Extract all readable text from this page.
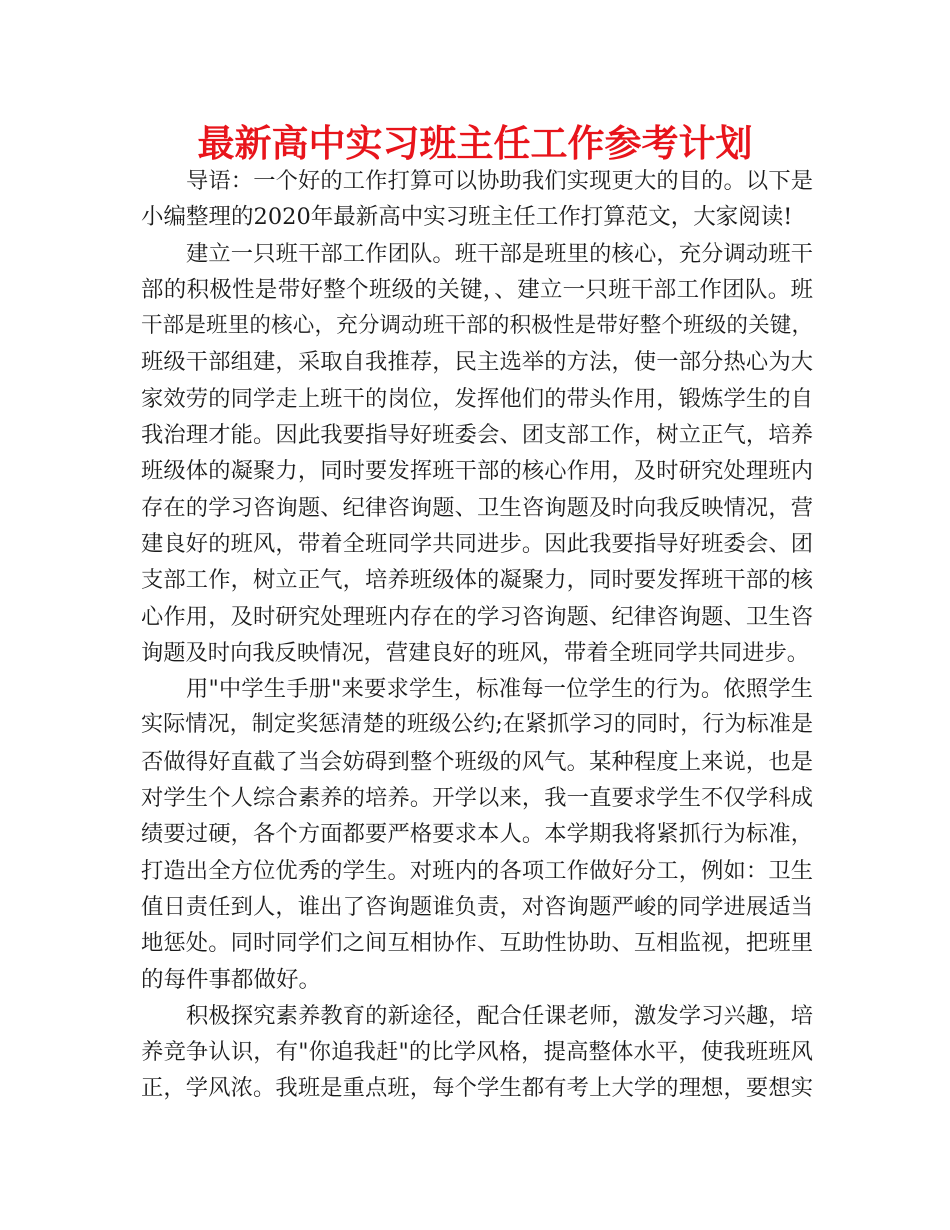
最新高中实习班主任工作参考计划
导语：一个好的工作打算可以协助我们实现更大的目的。以下是
小编整理的2020年最新高中实习班主任工作打算范文，大家阅读!
建立一只班干部工作团队。班干部是班里的核心，充分调动班干
部的积极性是带好整个班级的关键，、建立一只班干部工作团队。班
干部是班里的核心，充分调动班干部的积极性是带好整个班级的关键，
班级干部组建，采取自我推荐，民主选举的方法，使一部分热心为大
家效劳的同学走上班干的岗位，发挥他们的带头作用，锻炼学生的自
我治理才能。因此我要指导好班委会、团支部工作，树立正气，培养
班级体的凝聚力，同时要发挥班干部的核心作用，及时研究处理班内
存在的学习咨询题、纪律咨询题、卫生咨询题及时向我反映情况，营
建良好的班风，带着全班同学共同进步。因此我要指导好班委会、团
支部工作，树立正气，培养班级体的凝聚力，同时要发挥班干部的核
心作用，及时研究处理班内存在的学习咨询题、纪律咨询题、卫生咨
询题及时向我反映情况，营建良好的班风，带着全班同学共同进步。
用"中学生手册"来要求学生，标准每一位学生的行为。依照学生
实际情况，制定奖惩清楚的班级公约;在紧抓学习的同时，行为标准是
否做得好直截了当会妨碍到整个班级的风气。某种程度上来说，也是
对学生个人综合素养的培养。开学以来，我一直要求学生不仅学科成
绩要过硬，各个方面都要严格要求本人。本学期我将紧抓行为标准，
打造出全方位优秀的学生。对班内的各项工作做好分工，例如：卫生
值日责任到人，谁出了咨询题谁负责，对咨询题严峻的同学进展适当
地惩处。同时同学们之间互相协作、互助性协助、互相监视，把班里
的每件事都做好。
积极探究素养教育的新途径，配合任课老师，激发学习兴趣，培
养竞争认识，有"你追我赶"的比学风格，提高整体水平，使我班班风
正，学风浓。我班是重点班，每个学生都有考上大学的理想，要想实
